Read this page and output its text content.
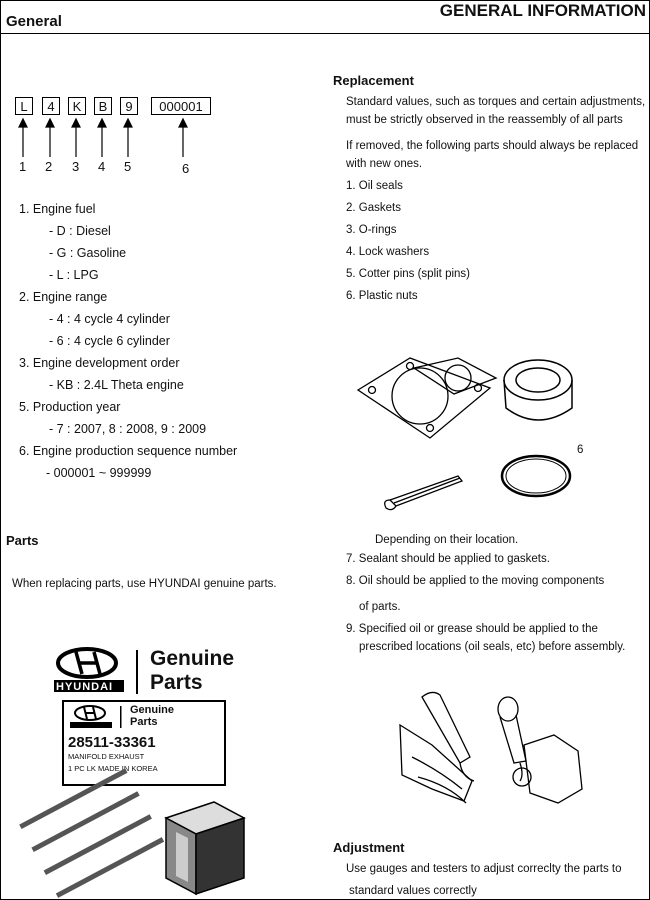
General
GENERAL INFORMATION
L	4	K	B	9	000001
1 2 3 4 5	6
1. Engine fuel
- D : Diesel
- G : Gasoline
- L : LPG
2. Engine range
- 4 : 4 cycle 4 cylinder
- 6 : 4 cycle 6 cylinder
3. Engine development order
- KB : 2.4L Theta engine
5. Production year
- 7 : 2007, 8 : 2008, 9 : 2009
6. Engine production sequence number
- 000001 ~ 999999
Parts
When replacing parts, use HYUNDAI genuine parts.
HYUNDAI
Genuine
Parts
Genuine
Parts
28511-33361
MANIFOLD EXHAUST
1 PC LK MADE IN KOREA
Replacement
Standard values, such as torques and certain adjustments,
must be strictly observed in the reassembly of all parts
If removed, the following parts should always be replaced
with new ones.
1. Oil seals
2. Gaskets
3. O-rings
4. Lock washers
5. Cotter pins (split pins)
6. Plastic nuts
6
Depending on their location.
7. Sealant should be applied to gaskets.
8. Oil should be applied to the moving components
of parts.
9. Specified oil or grease should be applied to the
prescribed locations (oil seals, etc) before assembly.
Adjustment
Use gauges and testers to adjust correclty the parts to
standard values correctly
